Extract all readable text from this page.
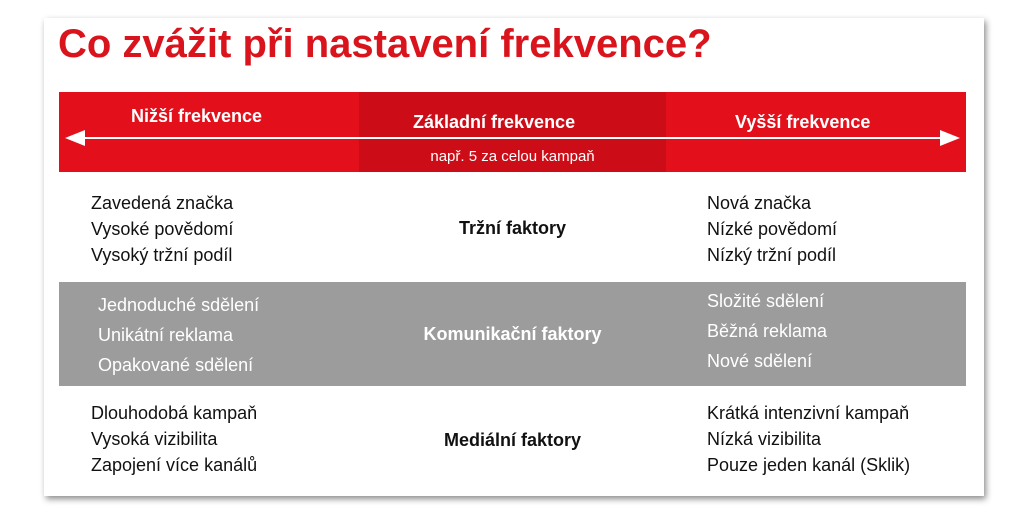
Co zvážit při nastavení frekvence?
Nižší frekvence	Základní frekvence	Vyšší frekvence
např. 5 za celou kampaň
Zavedená značka
Vysoké povědomí
Vysoký tržní podíl
Tržní faktory
Nová značka
Nízké povědomí
Nízký tržní podíl
Jednoduché sdělení
Unikátní reklama
Opakované sdělení
Komunikační faktory
Složité sdělení
Běžná reklama
Nové sdělení
Dlouhodobá kampaň
Vysoká vizibilita
Zapojení více kanálů
Mediální faktory
Krátká intenzivní kampaň
Nízká vizibilita
Pouze jeden kanál (Sklik)
